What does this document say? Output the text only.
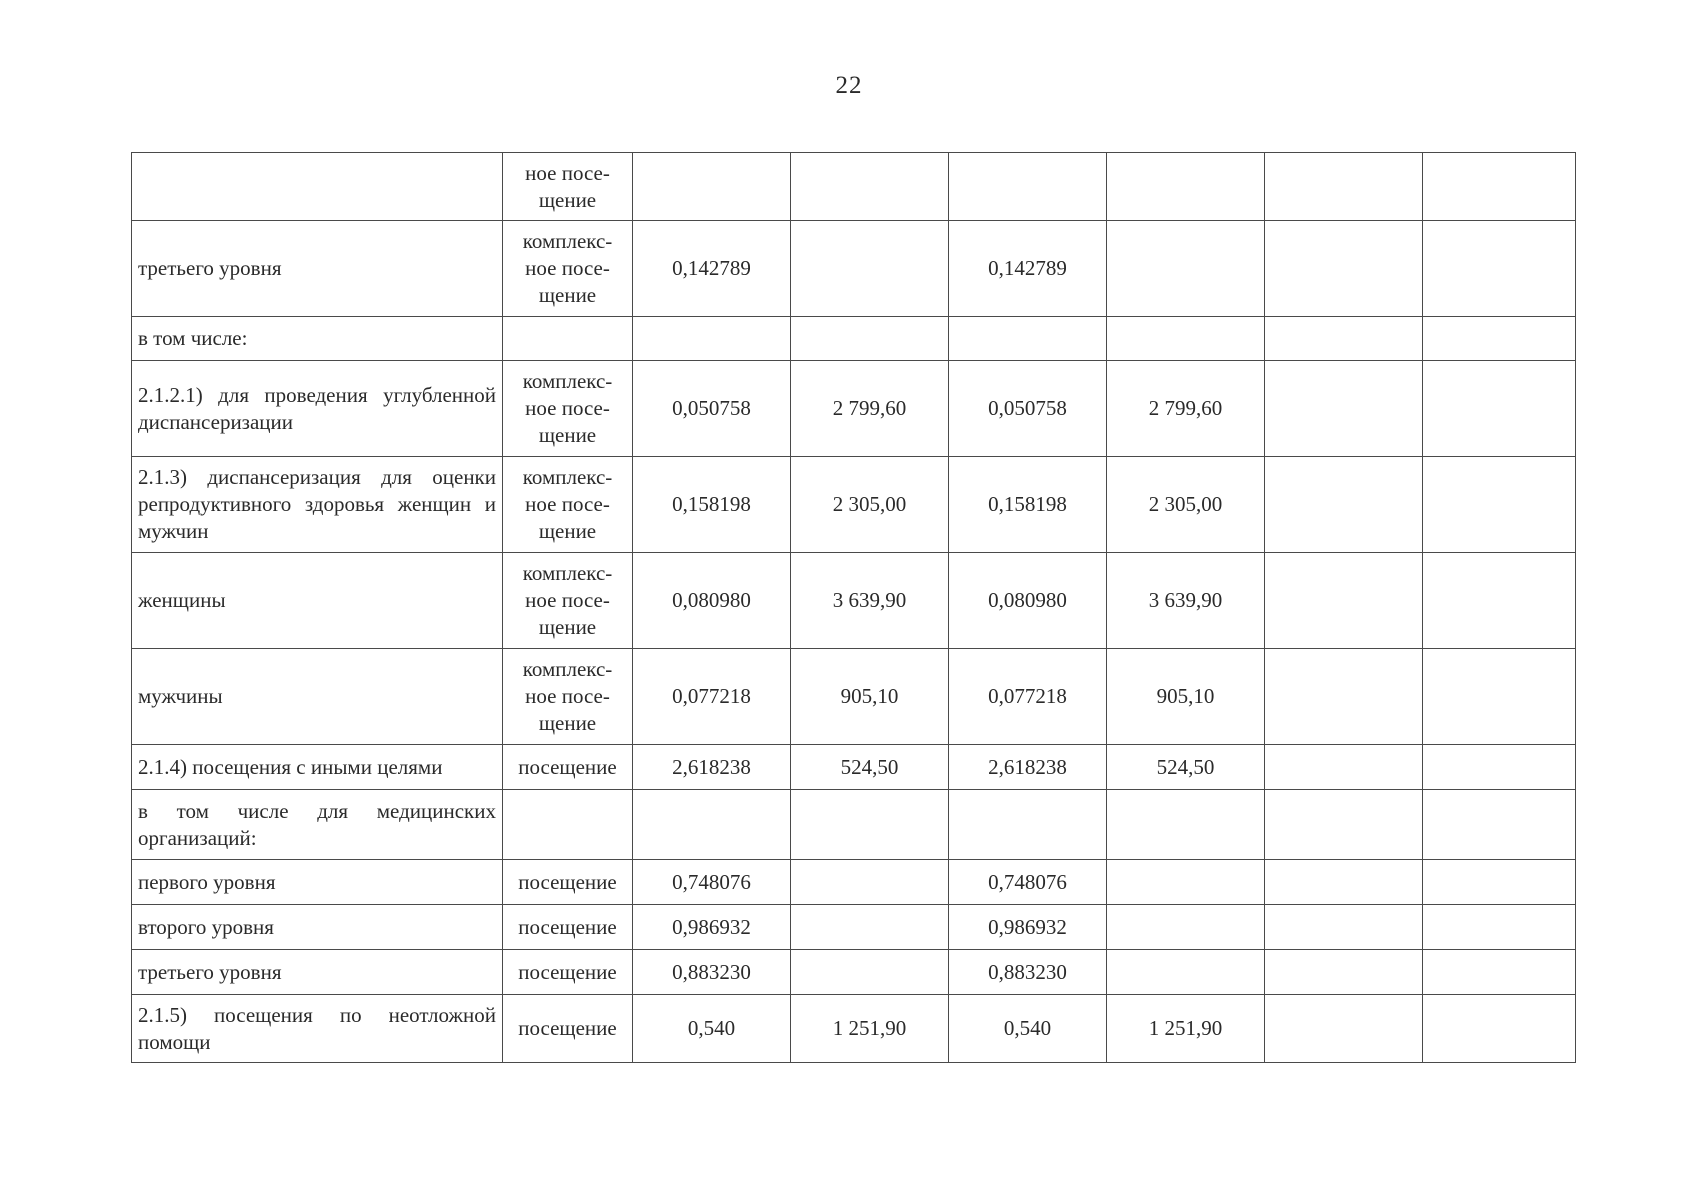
22
	ное посе-
щение						
третьего уровня	комплекс-
ное посе-
щение	0,142789		0,142789			
в том числе:							
2.1.2.1) для проведения углубленной диспансеризации	комплекс-
ное посе-
щение	0,050758	2 799,60	0,050758	2 799,60		
2.1.3) диспансеризация для оценки репродуктивного здоровья женщин и мужчин	комплекс-
ное посе-
щение	0,158198	2 305,00	0,158198	2 305,00		
женщины	комплекс-
ное посе-
щение	0,080980	3 639,90	0,080980	3 639,90		
мужчины	комплекс-
ное посе-
щение	0,077218	905,10	0,077218	905,10		
2.1.4) посещения с иными целями	посещение	2,618238	524,50	2,618238	524,50		
в том числе для медицинских организаций:							
первого уровня	посещение	0,748076		0,748076			
второго уровня	посещение	0,986932		0,986932			
третьего уровня	посещение	0,883230		0,883230			
2.1.5) посещения по неотложной помощи	посещение	0,540	1 251,90	0,540	1 251,90		
